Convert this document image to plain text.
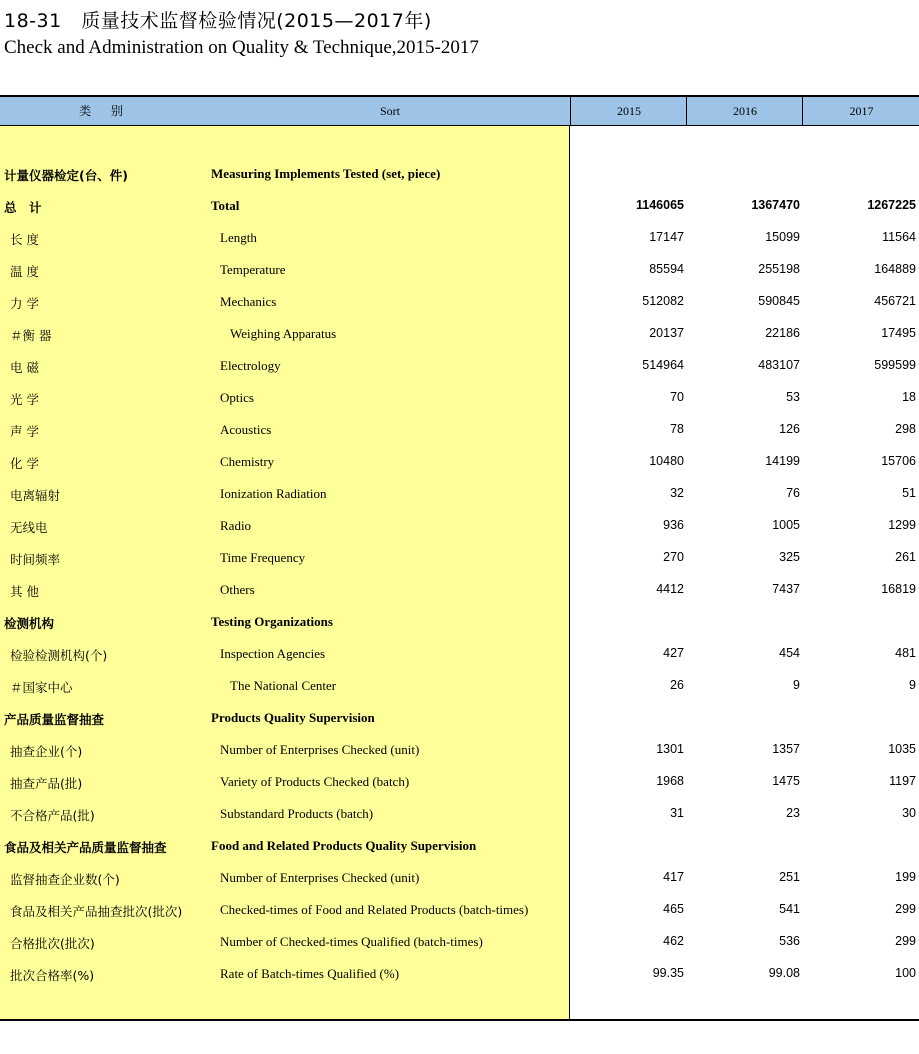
18-31　质量技术监督检验情况(2015—2017年)
Check and Administration on Quality & Technique,2015-2017
类 别	Sort	2015	2016	2017
计量仪器检定(台、件)	Measuring Implements Tested (set, piece)
总　计	Total	1146065	1367470	1267225
长 度	Length	17147	15099	11564
温 度	Temperature	85594	255198	164889
力 学	Mechanics	512082	590845	456721
＃衡 器	Weighing Apparatus	20137	22186	17495
电 磁	Electrology	514964	483107	599599
光 学	Optics	70	53	18
声 学	Acoustics	78	126	298
化 学	Chemistry	10480	14199	15706
电离辐射	Ionization Radiation	32	76	51
无线电	Radio	936	1005	1299
时间频率	Time Frequency	270	325	261
其 他	Others	4412	7437	16819
检测机构	Testing Organizations
检验检测机构(个)	Inspection Agencies	427	454	481
＃国家中心	The National Center	26	9	9
产品质量监督抽查	Products Quality Supervision
抽查企业(个)	Number of Enterprises Checked (unit)	1301	1357	1035
抽查产品(批)	Variety of Products Checked (batch)	1968	1475	1197
不合格产品(批)	Substandard Products (batch)	31	23	30
食品及相关产品质量监督抽查	Food and Related Products Quality Supervision
监督抽查企业数(个)	Number of Enterprises Checked (unit)	417	251	199
食品及相关产品抽查批次(批次)	Checked-times of Food and Related Products (batch-times)	465	541	299
合格批次(批次)	Number of Checked-times Qualified (batch-times)	462	536	299
批次合格率(%)	Rate of Batch-times Qualified (%)	99.35	99.08	100
